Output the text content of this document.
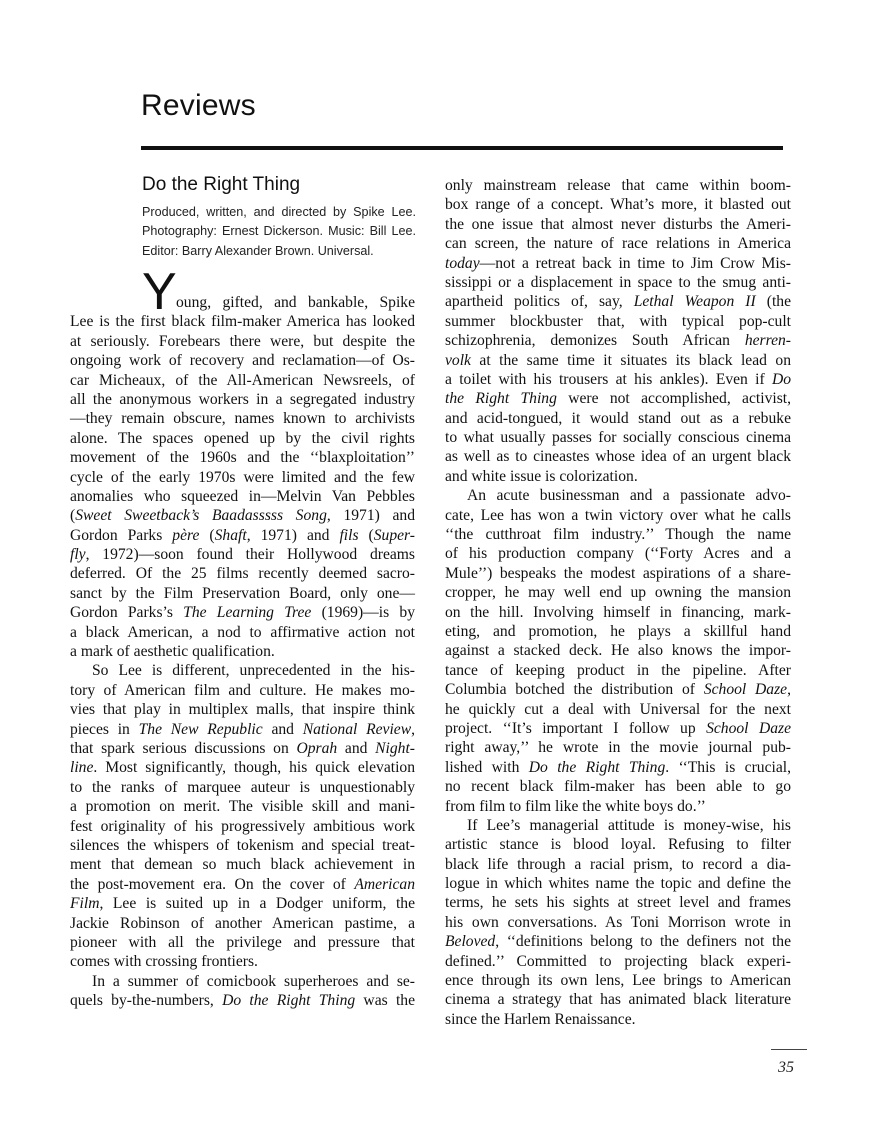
Reviews
Do the Right Thing

Produced, written, and directed by Spike Lee. Photography: Ernest Dickerson. Music: Bill Lee. Editor: Barry Alexander Brown. Universal.

Y oung, gifted, and bankable, Spike
Lee is the first black film-maker America has looked
at seriously. Forebears there were, but despite the
ongoing work of recovery and reclamation—of Os-
car Micheaux, of the All-American Newsreels, of
all the anonymous workers in a segregated industry
—they remain obscure, names known to archivists
alone. The spaces opened up by the civil rights
movement of the 1960s and the ‘‘blaxploitation’’
cycle of the early 1970s were limited and the few
anomalies who squeezed in—Melvin Van Pebbles
(Sweet Sweetback’s Baadasssss Song, 1971) and
Gordon Parks père (Shaft, 1971) and fils (Super-
fly, 1972)—soon found their Hollywood dreams
deferred. Of the 25 films recently deemed sacro-
sanct by the Film Preservation Board, only one—
Gordon Parks’s The Learning Tree (1969)—is by
a black American, a nod to affirmative action not
a mark of aesthetic qualification.
So Lee is different, unprecedented in the his-
tory of American film and culture. He makes mo-
vies that play in multiplex malls, that inspire think
pieces in The New Republic and National Review,
that spark serious discussions on Oprah and Night-
line. Most significantly, though, his quick elevation
to the ranks of marquee auteur is unquestionably
a promotion on merit. The visible skill and mani-
fest originality of his progressively ambitious work
silences the whispers of tokenism and special treat-
ment that demean so much black achievement in
the post-movement era. On the cover of American
Film, Lee is suited up in a Dodger uniform, the
Jackie Robinson of another American pastime, a
pioneer with all the privilege and pressure that
comes with crossing frontiers.
In a summer of comicbook superheroes and se-
quels by-the-numbers, Do the Right Thing was the
only mainstream release that came within boom-
box range of a concept. What’s more, it blasted out
the one issue that almost never disturbs the Ameri-
can screen, the nature of race relations in America
today—not a retreat back in time to Jim Crow Mis-
sissippi or a displacement in space to the smug anti-
apartheid politics of, say, Lethal Weapon II (the
summer blockbuster that, with typical pop-cult
schizophrenia, demonizes South African herren-
volk at the same time it situates its black lead on
a toilet with his trousers at his ankles). Even if Do
the Right Thing were not accomplished, activist,
and acid-tongued, it would stand out as a rebuke
to what usually passes for socially conscious cinema
as well as to cineastes whose idea of an urgent black
and white issue is colorization.
An acute businessman and a passionate advo-
cate, Lee has won a twin victory over what he calls
‘‘the cutthroat film industry.’’ Though the name
of his production company (‘‘Forty Acres and a
Mule’’) bespeaks the modest aspirations of a share-
cropper, he may well end up owning the mansion
on the hill. Involving himself in financing, mark-
eting, and promotion, he plays a skillful hand
against a stacked deck. He also knows the impor-
tance of keeping product in the pipeline. After
Columbia botched the distribution of School Daze,
he quickly cut a deal with Universal for the next
project. ‘‘It’s important I follow up School Daze
right away,’’ he wrote in the movie journal pub-
lished with Do the Right Thing. ‘‘This is crucial,
no recent black film-maker has been able to go
from film to film like the white boys do.’’
If Lee’s managerial attitude is money-wise, his
artistic stance is blood loyal. Refusing to filter
black life through a racial prism, to record a dia-
logue in which whites name the topic and define the
terms, he sets his sights at street level and frames
his own conversations. As Toni Morrison wrote in
Beloved, ‘‘definitions belong to the definers not the
defined.’’ Committed to projecting black experi-
ence through its own lens, Lee brings to American
cinema a strategy that has animated black literature
since the Harlem Renaissance.
35
